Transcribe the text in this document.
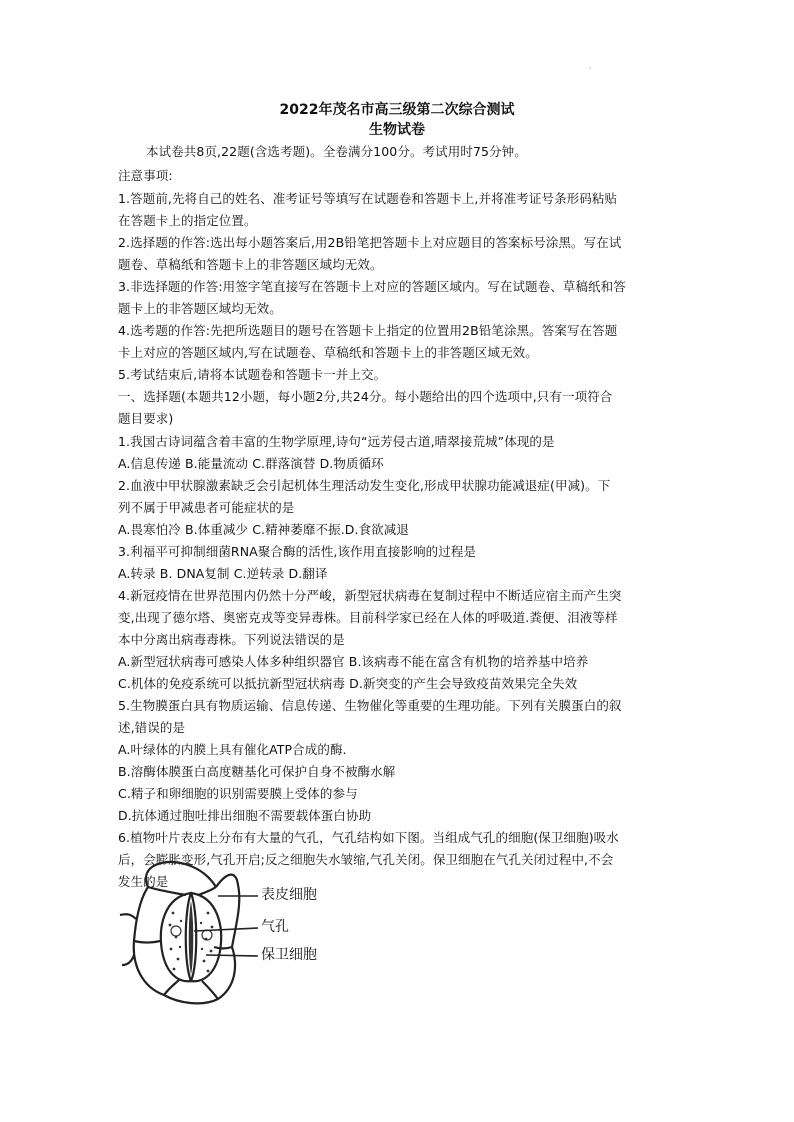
·
2022年茂名市高三级第二次综合测试
生物试卷
本试卷共8页,22题(含选考题)。全卷满分100分。考试用时75分钟。
注意事项:
1.答题前,先将自己的姓名、准考证号等填写在试题卷和答题卡上,并将准考证号条形码粘贴
在答题卡上的指定位置。
2.选择题的作答:选出每小题答案后,用2B铅笔把答题卡上对应题目的答案标号涂黑。写在试
题卷、草稿纸和答题卡上的非答题区域均无效。
3.非选择题的作答:用签字笔直接写在答题卡上对应的答题区域内。写在试题卷、草稿纸和答
题卡上的非答题区域均无效。
4.选考题的作答:先把所选题目的题号在答题卡上指定的位置用2B铅笔涂黑。答案写在答题
卡上对应的答题区域内,写在试题卷、草稿纸和答题卡上的非答题区域无效。
5.考试结束后,请将本试题卷和答题卡一并上交。
一、选择题(本题共12小题，每小题2分,共24分。每小题给出的四个选项中,只有一项符合
题目要求)
1.我国古诗词蕴含着丰富的生物学原理,诗句“远芳侵古道,晴翠接荒城”体现的是
A.信息传递 B.能量流动 C.群落演替 D.物质循环
2.血液中甲状腺激素缺乏会引起机体生理活动发生变化,形成甲状腺功能减退症(甲减)。下
列不属于甲减患者可能症状的是
A.畏寒怕冷 B.体重减少 C.精神萎靡不振.D.食欲减退
3.利福平可抑制细菌RNA聚合酶的活性,该作用直接影响的过程是
A.转录 B. DNA复制 C.逆转录 D.翻译
4.新冠疫情在世界范围内仍然十分严峻，新型冠状病毒在复制过程中不断适应宿主而产生突
变,出现了德尔塔、奥密克戎等变异毒株。目前科学家已经在人体的呼吸道.粪便、泪液等样
本中分离出病毒毒株。下列说法错误的是
A.新型冠状病毒可感染人体多种组织器官 B.该病毒不能在富含有机物的培养基中培养
C.机体的免疫系统可以抵抗新型冠状病毒 D.新突变的产生会导致疫苗效果完全失效
5.生物膜蛋白具有物质运输、信息传递、生物催化等重要的生理功能。下列有关膜蛋白的叙
述,错误的是
A.叶绿体的内膜上具有催化ATP合成的酶.
B.溶酶体膜蛋白高度糖基化可保护自身不被酶水解
C.精子和卵细胞的识别需要膜上受体的参与
D.抗体通过胞吐排出细胞不需要载体蛋白协助
6.植物叶片表皮上分布有大量的气孔，气孔结构如下图。当组成气孔的细胞(保卫细胞)吸水
后，会膨胀变形,气孔开启;反之细胞失水皱缩,气孔关闭。保卫细胞在气孔关闭过程中,不会
发生的是
表皮细胞
气孔
保卫细胞
